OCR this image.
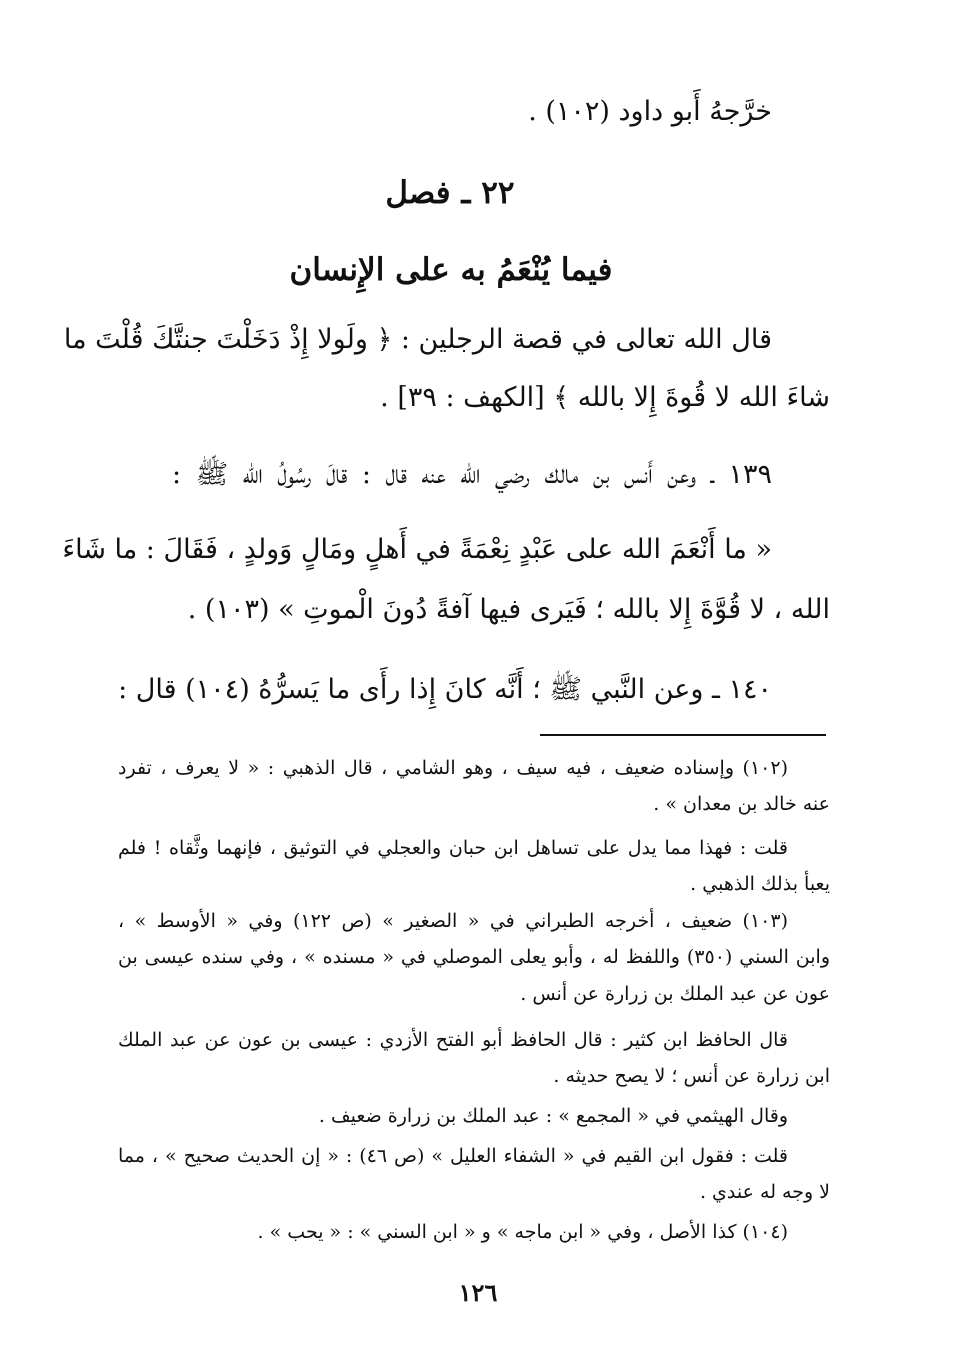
خرَّجهُ أَبو داود (١٠٢) .
٢٢ ـ فصل
فيما يُنْعَمُ به على الإِنسان
قال الله تعالى في قصة الرجلين : ﴿ ولَولا إِذْ دَخَلْتَ جنتَّكَ قُلْتَ ما
شاءَ الله لا قُوةَ إِلا بالله ﴾ [الكهف : ٣٩] .
١٣٩ ـ وعن أَنس بن مالك رضي الله عنه قال : قالَ رسُولُ الله ﷺ :
« ما أَنْعَمَ الله على عَبْدٍ نِعْمَةً في أَهلٍ ومَالٍ وَولدٍ ، فَقَالَ : ما شَاءَ
الله ، لا قُوَّةَ إِلا بالله ؛ فَيَرى فيها آفةً دُونَ الْموتِ » (١٠٣) .
١٤٠ ـ وعن النَّبي ﷺ ؛ أَنَّه كانَ إِذا رأَى ما يَسرُّهُ (١٠٤) قال :
(١٠٢) وإسناده ضعيف ، فيه سيف ، وهو الشامي ، قال الذهبي : « لا يعرف ، تفرد
عنه خالد بن معدان » .
قلت : فهذا مما يدل على تساهل ابن حبان والعجلي في التوثيق ، فإنهما وثَّقاه ! فلم
يعبأ بذلك الذهبي .
(١٠٣) ضعيف ، أخرجه الطبراني في « الصغير » (ص ١٢٢) وفي « الأوسط » ،
وابن السني (٣٥٠) واللفظ له ، وأبو يعلى الموصلي في « مسنده » ، وفي سنده عيسى بن
عون عن عبد الملك بن زرارة عن أنس .
قال الحافظ ابن كثير : قال الحافظ أبو الفتح الأزدي : عيسى بن عون عن عبد الملك
ابن زرارة عن أنس ؛ لا يصح حديثه .
وقال الهيثمي في « المجمع » : عبد الملك بن زرارة ضعيف .
قلت : فقول ابن القيم في « الشفاء العليل » (ص ٤٦) : « إن الحديث صحيح » ، مما
لا وجه له عندي .
(١٠٤) كذا الأصل ، وفي « ابن ماجه » و « ابن السني » : « يحب » .
١٢٦
